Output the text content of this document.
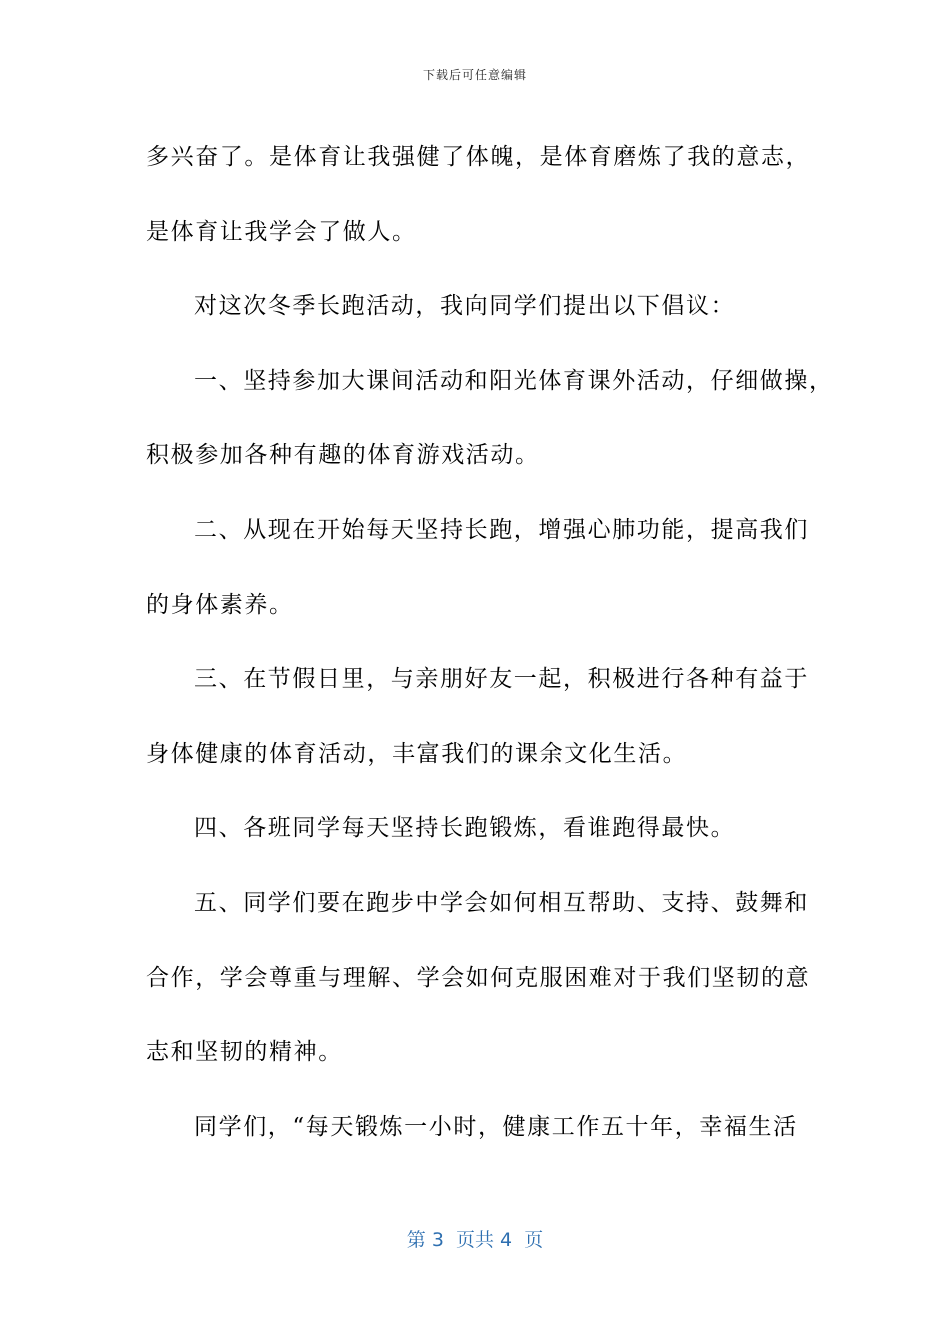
下载后可任意编辑
多兴奋了。是体育让我强健了体魄，是体育磨炼了我的意志，
是体育让我学会了做人。
对这次冬季长跑活动，我向同学们提出以下倡议：
一、坚持参加大课间活动和阳光体育课外活动，仔细做操，
积极参加各种有趣的体育游戏活动。
二、从现在开始每天坚持长跑，增强心肺功能，提高我们
的身体素养。
三、在节假日里，与亲朋好友一起，积极进行各种有益于
身体健康的体育活动，丰富我们的课余文化生活。
四、各班同学每天坚持长跑锻炼，看谁跑得最快。
五、同学们要在跑步中学会如何相互帮助、支持、鼓舞和
合作，学会尊重与理解、学会如何克服困难对于我们坚韧的意
志和坚韧的精神。
同学们，“每天锻炼一小时，健康工作五十年，幸福生活
第 3  页共 4  页
